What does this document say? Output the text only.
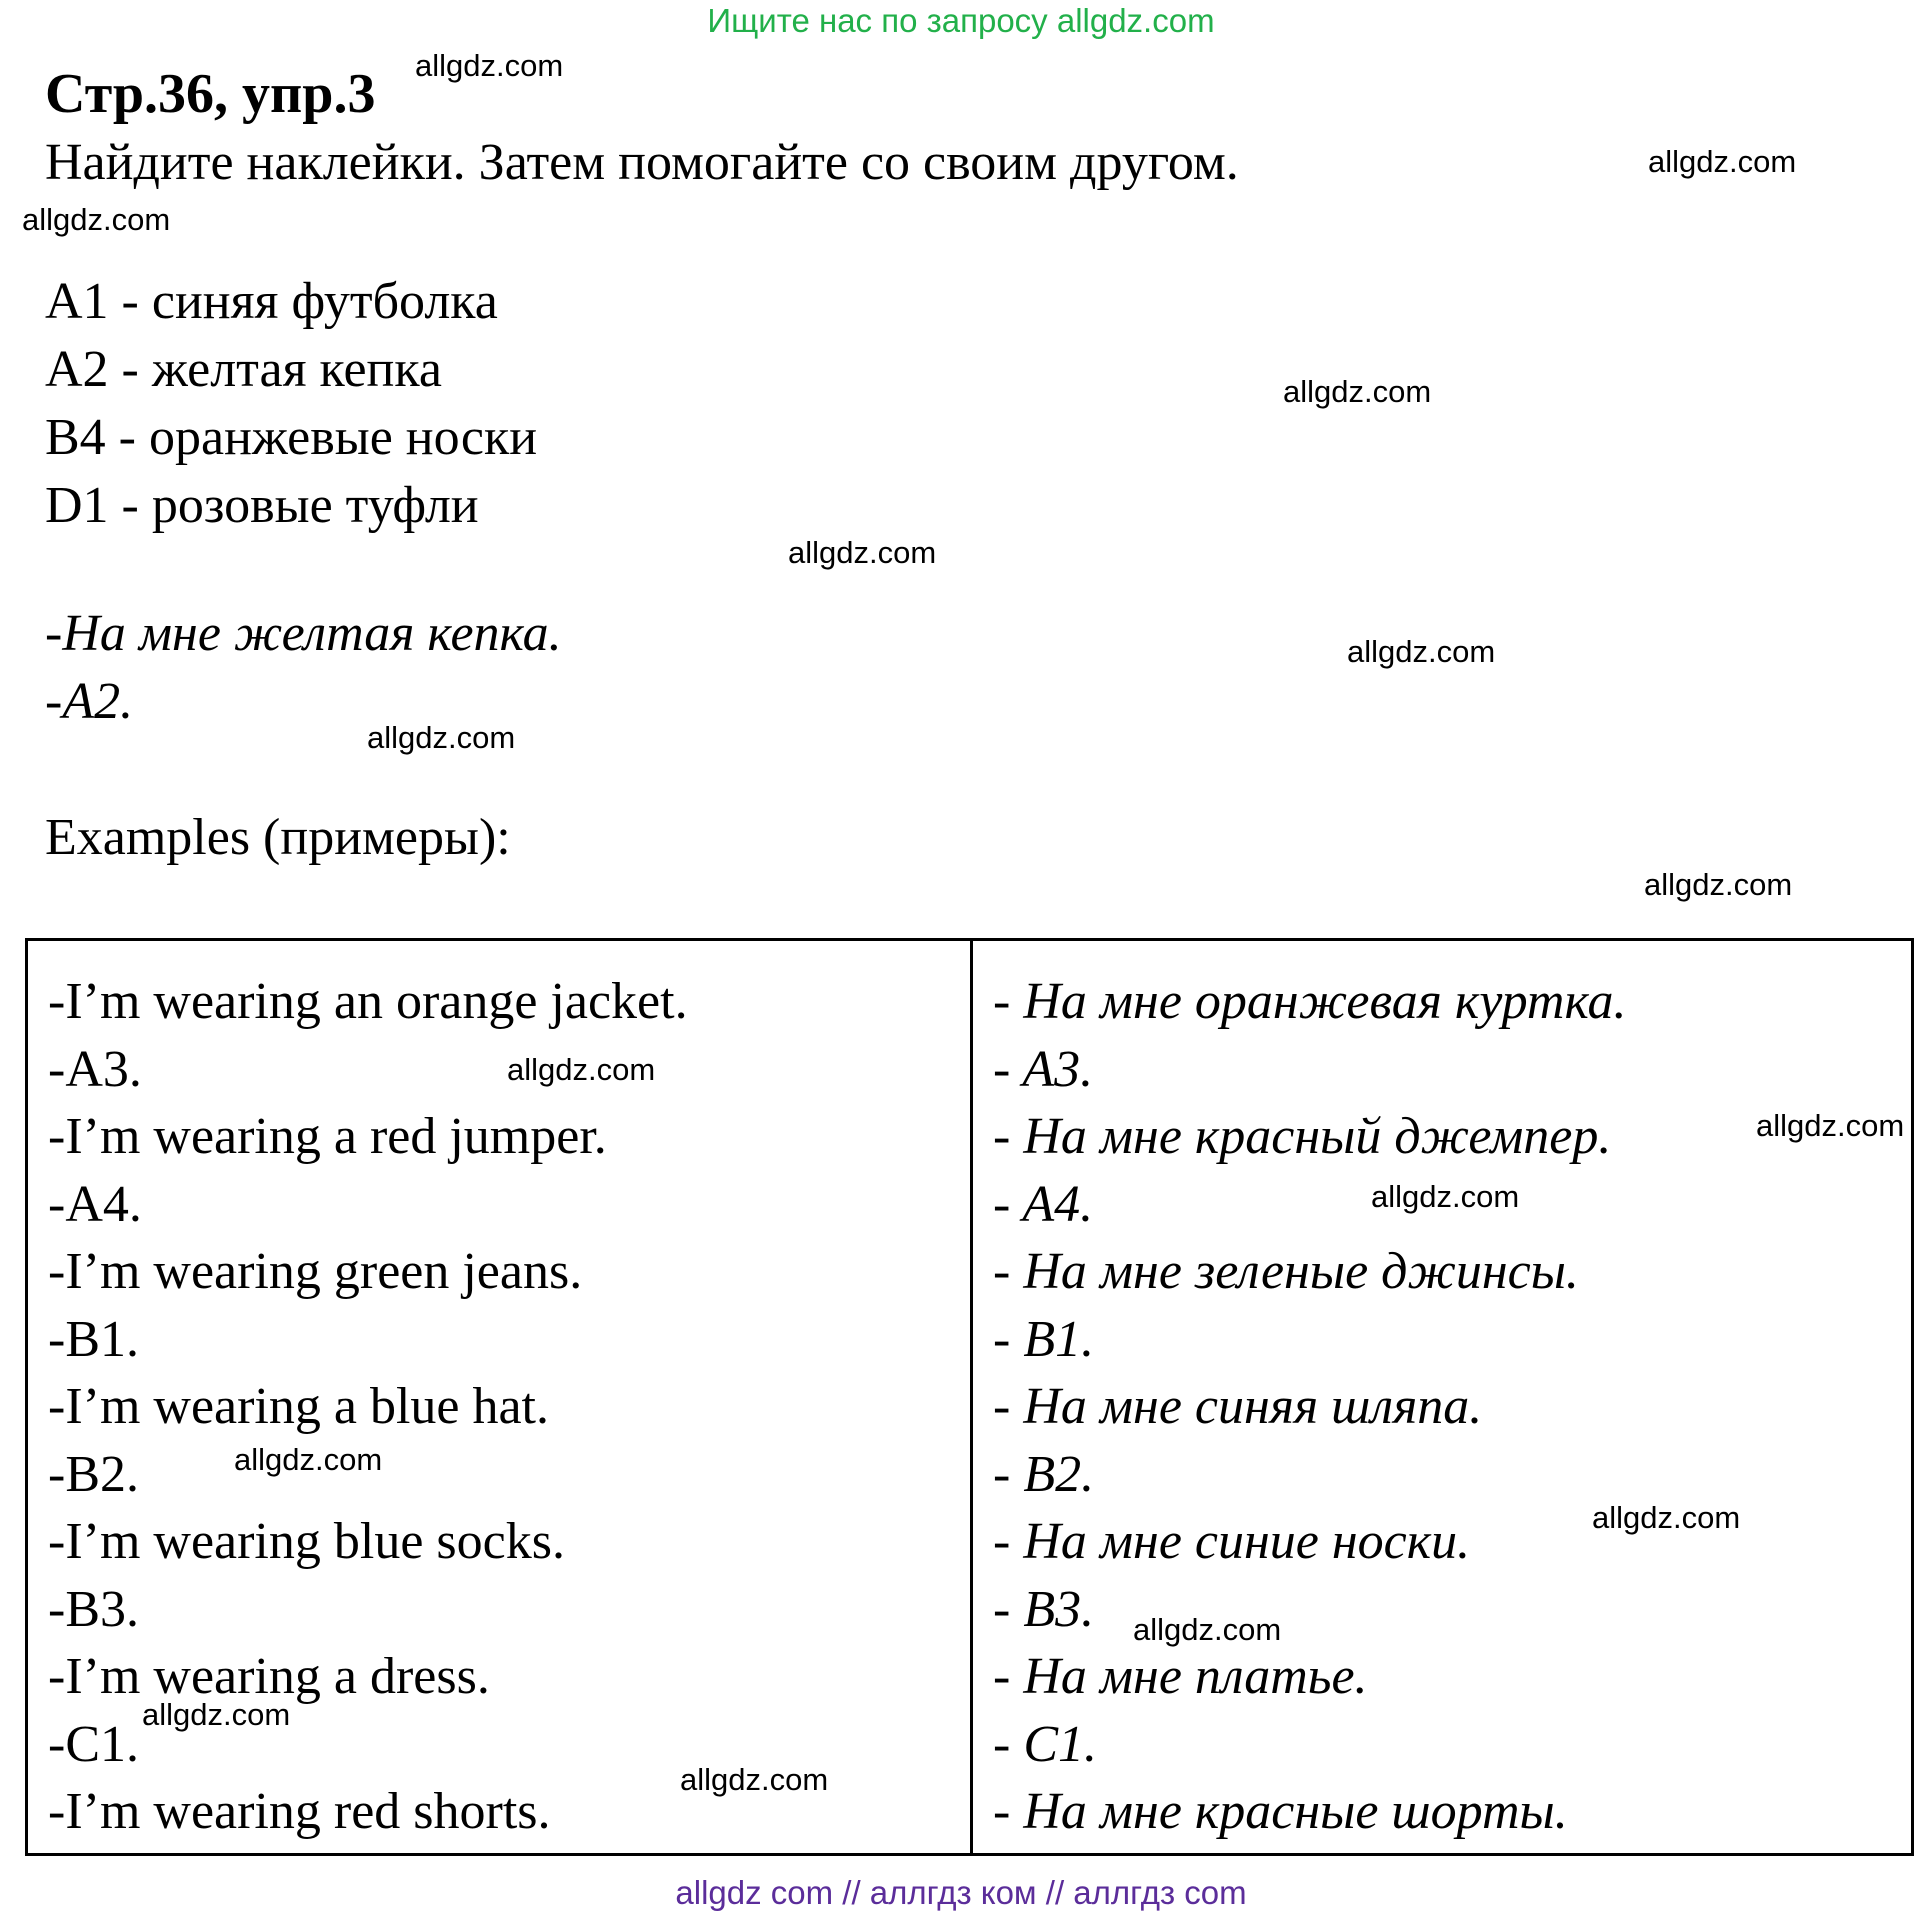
Ищите нас по запросу allgdz.com
Стр.36, упр.3
Найдите наклейки. Затем помогайте со своим другом.
A1 - синяя футболка
A2 - желтая кепка
B4 - оранжевые носки
D1 - розовые туфли
-На мне желтая кепка.
-A2.
Examples (примеры):
-I’m wearing an orange jacket.
-A3.
-I’m wearing a red jumper.
-A4.
-I’m wearing green jeans.
-B1.
-I’m wearing a blue hat.
-B2.
-I’m wearing blue socks.
-B3.
-I’m wearing a dress.
-C1.
-I’m wearing red shorts.
- На мне оранжевая куртка.
- A3.
- На мне красный джемпер.
- A4.
- На мне зеленые джинсы.
- B1.
- На мне синяя шляпа.
- B2.
- На мне синие носки.
- B3.
- На мне платье.
- C1.
- На мне красные шорты.
allgdz.com
allgdz.com
allgdz.com
allgdz.com
allgdz.com
allgdz.com
allgdz.com
allgdz.com
allgdz.com
allgdz.com
allgdz.com
allgdz.com
allgdz.com
allgdz.com
allgdz.com
allgdz.com
allgdz com // аллгдз ком // аллгдз com
